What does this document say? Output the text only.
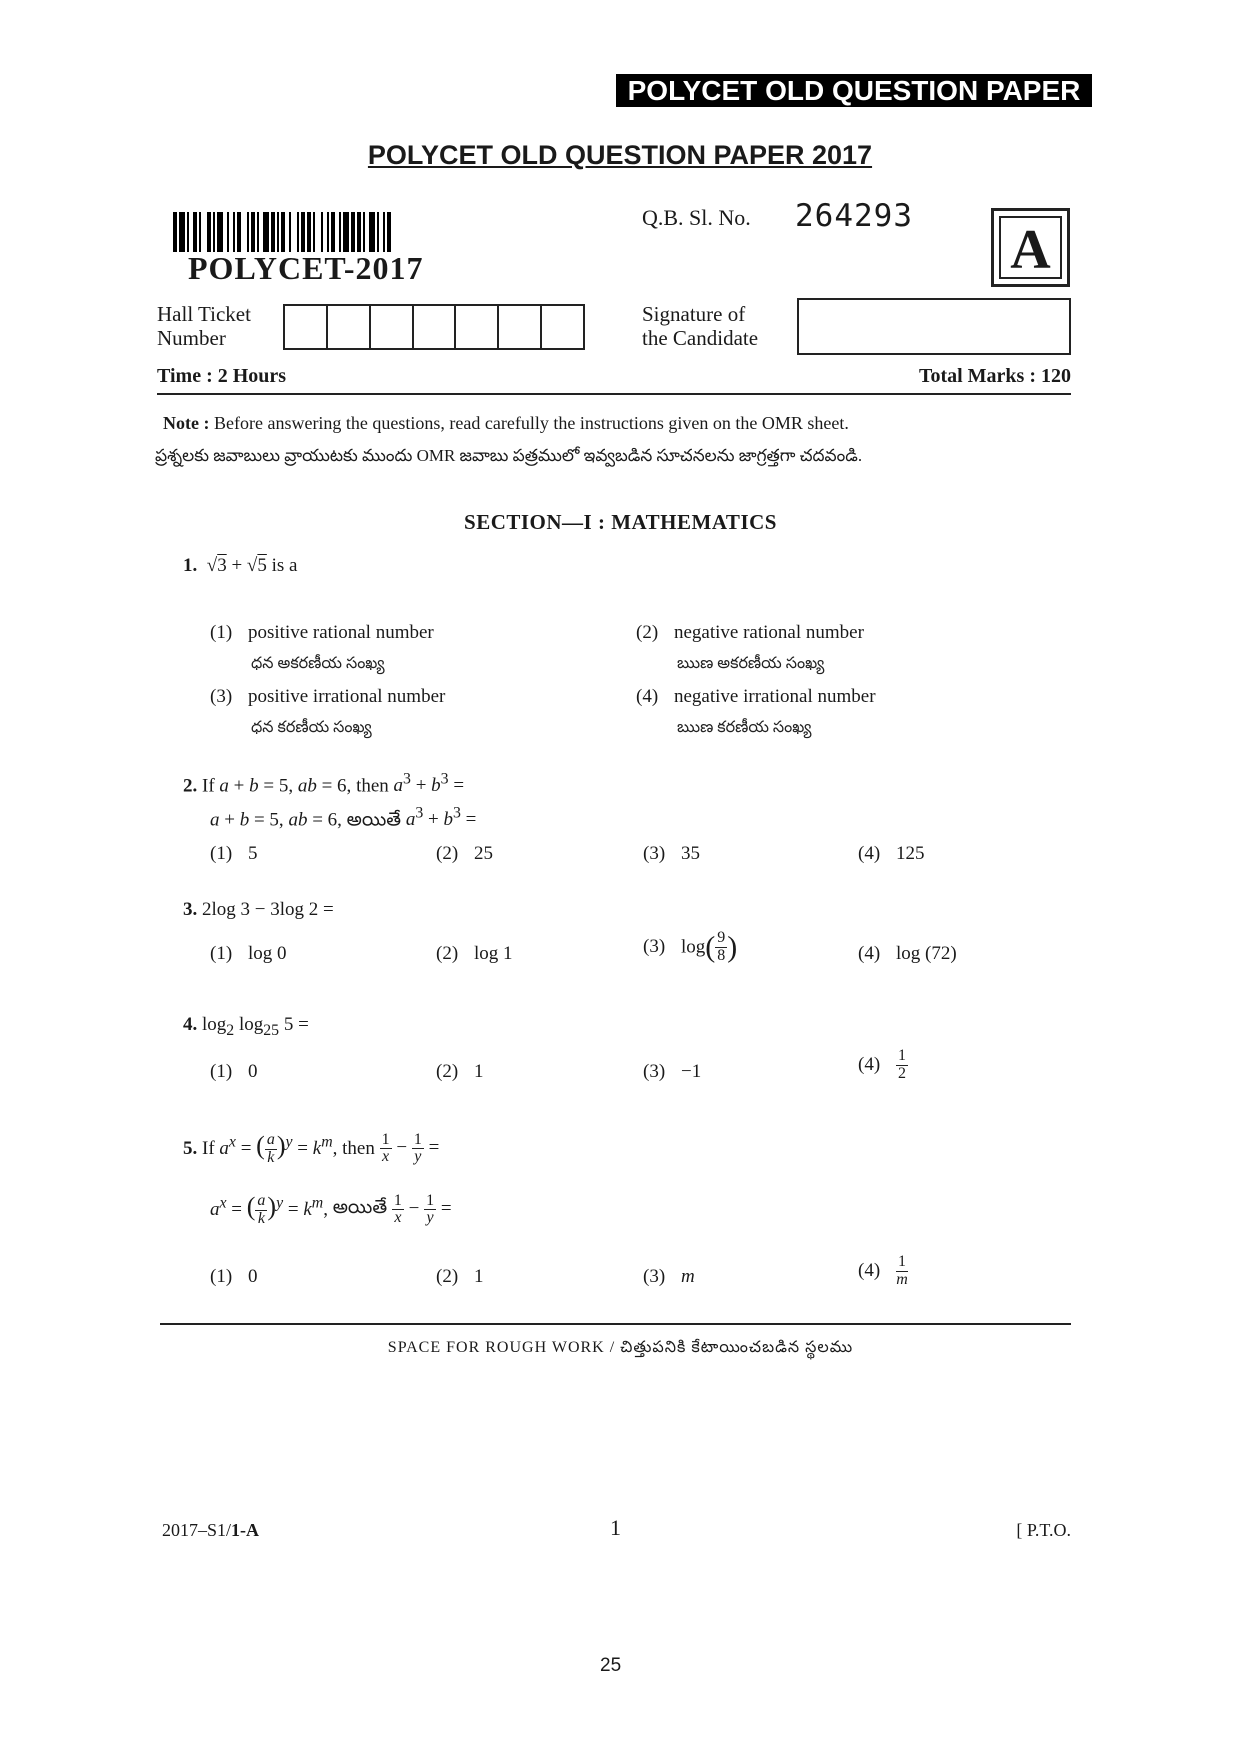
POLYCET OLD QUESTION PAPER
POLYCET OLD QUESTION PAPER 2017
POLYCET-2017
Q.B. Sl. No. 264293
A
Hall Ticket
Number
Signature of
the Candidate
Time : 2 Hours	Total Marks : 120
Note : Before answering the questions, read carefully the instructions given on the OMR sheet.
ప్రశ్నలకు జవాబులు వ్రాయుటకు ముందు OMR జవాబు పత్రములో ఇవ్వబడిన సూచనలను జాగ్రత్తగా చదవండి.
SECTION—I : MATHEMATICS
1.  √3 + √5 is a
(1) positive rational number
ధన అకరణీయ సంఖ్య
(2) negative rational number
ఋణ అకరణీయ సంఖ్య
(3) positive irrational number
ధన కరణీయ సంఖ్య
(4) negative irrational number
ఋణ కరణీయ సంఖ్య
2. If a + b = 5, ab = 6, then $a^3 + b^3$ =
a + b = 5, ab = 6, అయితే $a^3 + b^3$ =
(1) 5	(2) 25	(3) 35	(4) 125
3. 2log 3 − 3log 2 =
(1) log 0	(2) log 1	(3) $\log( \frac{9}{8}$ )	(4) log (72)
4. $\log_2 \log_{25} 5$ =
(1) 0	(2) 1	(3) −1	$(4) \frac{1}{2}$
5. If $a^x$ = ( $\frac{a}{k} )^y = k^m$, then $\frac{1}{x} - \frac{1}{y}$ =
$a^x$ = ( $\frac{a}{k} )^y = k^m$, అయితే $\frac{1}{x} - \frac{1}{y}$ =
(1) 0	(2) 1	(3) m	$(4) \frac{1}{m}$
SPACE FOR ROUGH WORK / చిత్తుపనికి కేటాయించబడిన స్థలము
2017–S1/1-A	1	[ P.T.O.
25
